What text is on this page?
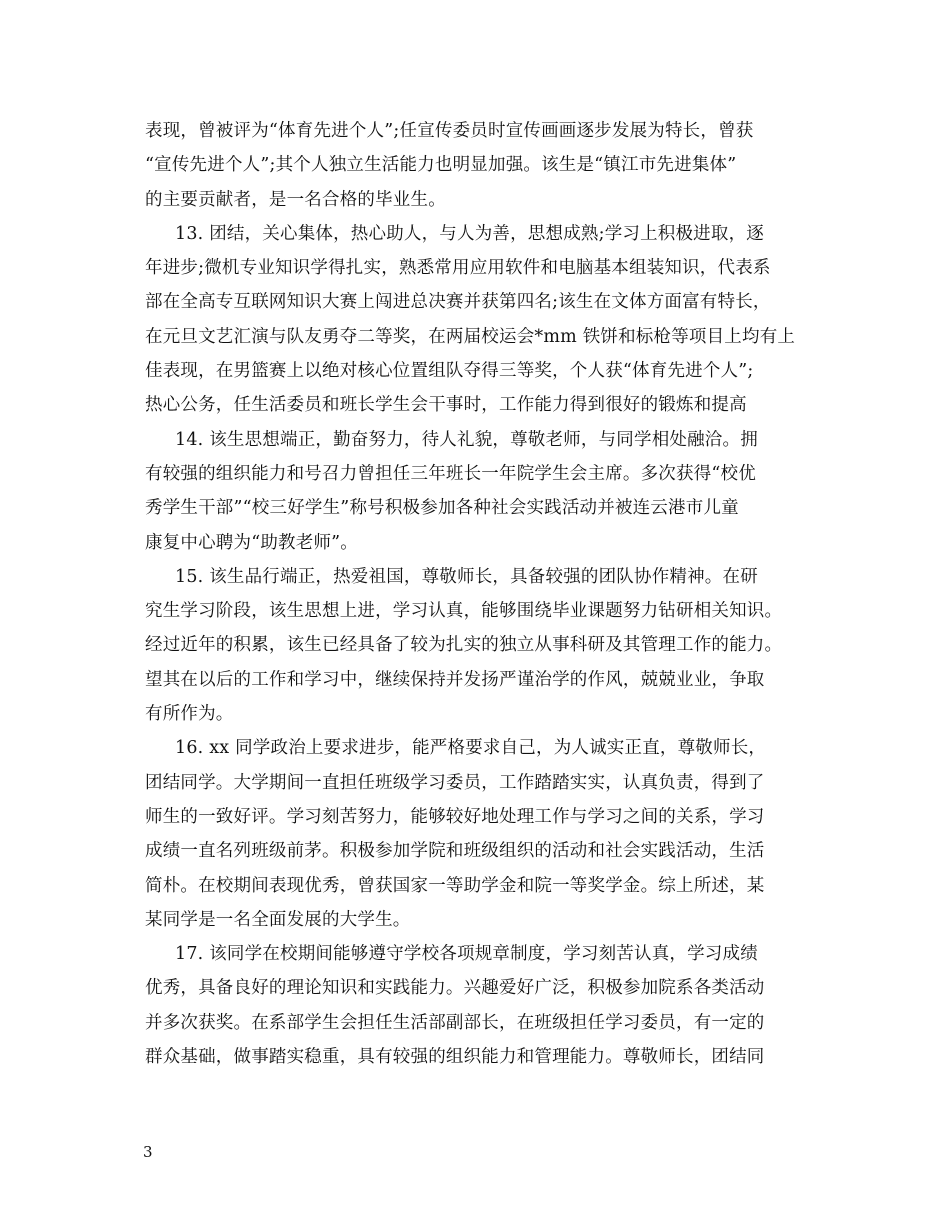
表现，曾被评为“体育先进个人”;任宣传委员时宣传画画逐步发展为特长，曾获
“宣传先进个人”;其个人独立生活能力也明显加强。该生是“镇江市先进集体”
的主要贡献者，是一名合格的毕业生。
13. 团结，关心集体，热心助人，与人为善，思想成熟;学习上积极进取，逐
年进步;微机专业知识学得扎实，熟悉常用应用软件和电脑基本组装知识，代表系
部在全高专互联网知识大赛上闯进总决赛并获第四名;该生在文体方面富有特长，
在元旦文艺汇演与队友勇夺二等奖，在两届校运会*mm 铁饼和标枪等项目上均有上
佳表现，在男篮赛上以绝对核心位置组队夺得三等奖，个人获“体育先进个人”;
热心公务，任生活委员和班长学生会干事时，工作能力得到很好的锻炼和提高
14. 该生思想端正，勤奋努力，待人礼貌，尊敬老师，与同学相处融洽。拥
有较强的组织能力和号召力曾担任三年班长一年院学生会主席。多次获得“校优
秀学生干部”“校三好学生”称号积极参加各种社会实践活动并被连云港市儿童
康复中心聘为“助教老师”。
15. 该生品行端正，热爱祖国，尊敬师长，具备较强的团队协作精神。在研
究生学习阶段，该生思想上进，学习认真，能够围绕毕业课题努力钻研相关知识。
经过近年的积累，该生已经具备了较为扎实的独立从事科研及其管理工作的能力。
望其在以后的工作和学习中，继续保持并发扬严谨治学的作风，兢兢业业，争取
有所作为。
16. xx 同学政治上要求进步，能严格要求自己，为人诚实正直，尊敬师长，
团结同学。大学期间一直担任班级学习委员，工作踏踏实实，认真负责，得到了
师生的一致好评。学习刻苦努力，能够较好地处理工作与学习之间的关系，学习
成绩一直名列班级前茅。积极参加学院和班级组织的活动和社会实践活动，生活
简朴。在校期间表现优秀，曾获国家一等助学金和院一等奖学金。综上所述，某
某同学是一名全面发展的大学生。
17. 该同学在校期间能够遵守学校各项规章制度，学习刻苦认真，学习成绩
优秀，具备良好的理论知识和实践能力。兴趣爱好广泛，积极参加院系各类活动
并多次获奖。在系部学生会担任生活部副部长，在班级担任学习委员，有一定的
群众基础，做事踏实稳重，具有较强的组织能力和管理能力。尊敬师长，团结同
3
